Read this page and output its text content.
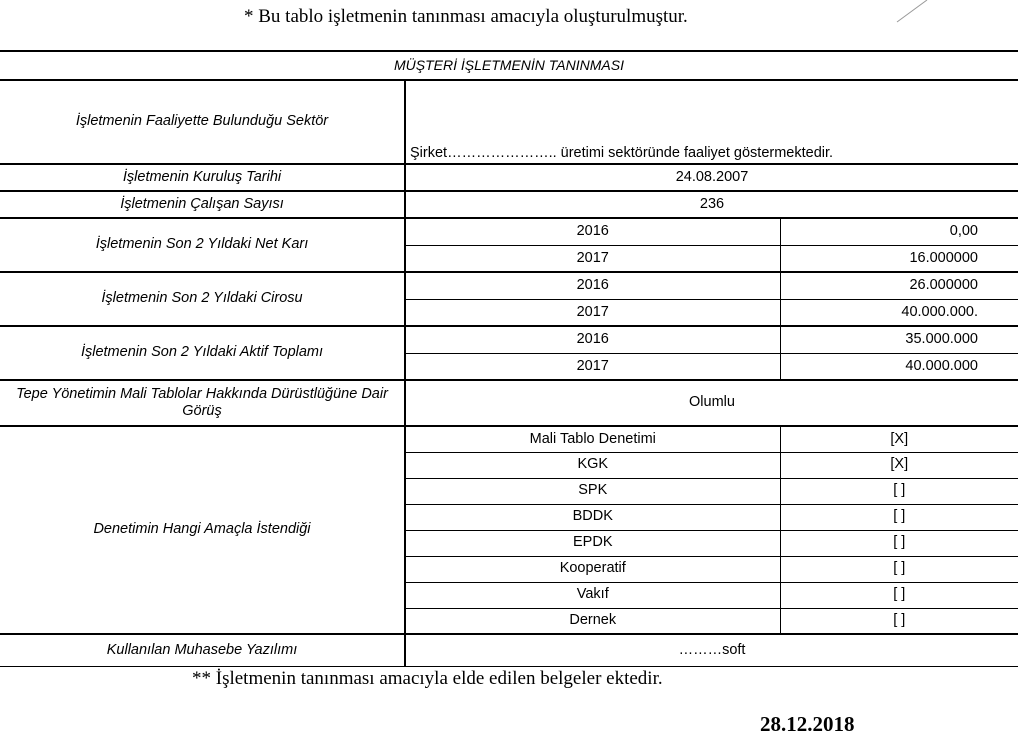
* Bu tablo işletmenin tanınması amacıyla oluşturulmuştur.
MÜŞTERİ İŞLETMENİN TANINMASI		
İşletmenin Faaliyette Bulunduğu Sektör	Şirket………………….. üretimi sektöründe faaliyet göstermektedir.	
İşletmenin Kuruluş Tarihi	24.08.2007	
İşletmenin Çalışan Sayısı	236	
İşletmenin Son 2 Yıldaki Net Karı	2016	0,00
	2017	16.000000
İşletmenin Son 2 Yıldaki Cirosu	2016	26.000000
	2017	40.000.000.
İşletmenin Son 2 Yıldaki Aktif Toplamı	2016	35.000.000
	2017	40.000.000
Tepe Yönetimin Mali Tablolar Hakkında Dürüstlüğüne Dair Görüş	Olumlu	
Denetimin Hangi Amaçla İstendiği	Mali Tablo Denetimi	[X]
	KGK	[X]
	SPK	[ ]
	BDDK	[ ]
	EPDK	[ ]
	Kooperatif	[ ]
	Vakıf	[ ]
	Dernek	[ ]
Kullanılan Muhasebe Yazılımı	………soft	
** İşletmenin tanınması amacıyla elde edilen belgeler ektedir.
28.12.2018
